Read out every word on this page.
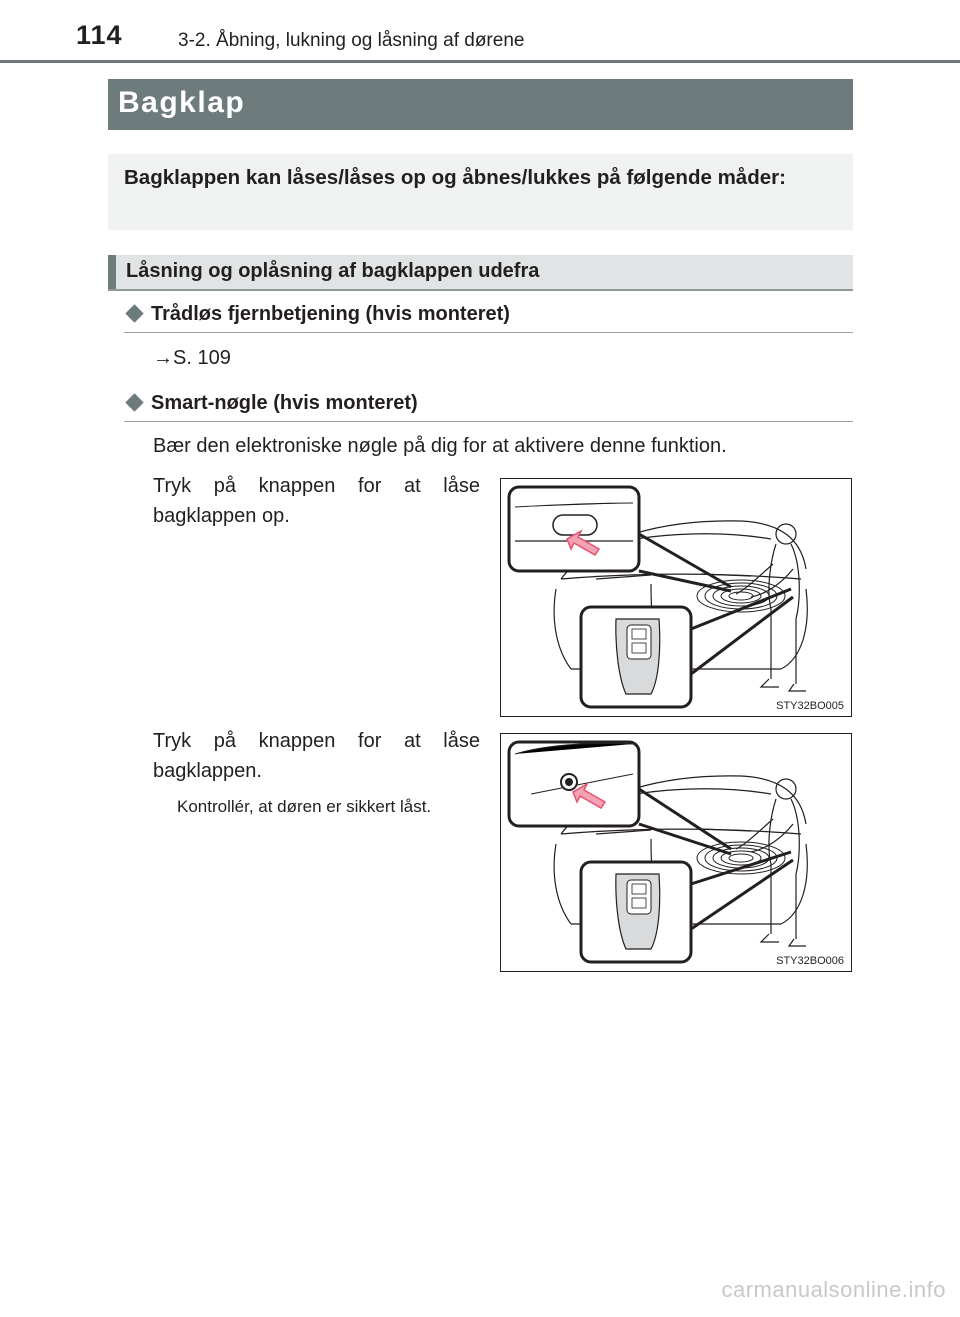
114	3-2. Åbning, lukning og låsning af dørene
Bagklap
Bagklappen kan låses/låses op og åbnes/lukkes på følgende måder:
Låsning og oplåsning af bagklappen udefra
Trådløs fjernbetjening (hvis monteret)
→S. 109
Smart-nøgle (hvis monteret)
Bær den elektroniske nøgle på dig for at aktivere denne funktion.
Tryk på knappen for at låse bagklappen op.
STY32BO005
Tryk på knappen for at låse bagklappen.
Kontrollér, at døren er sikkert låst.
STY32BO006
carmanualsonline.info
